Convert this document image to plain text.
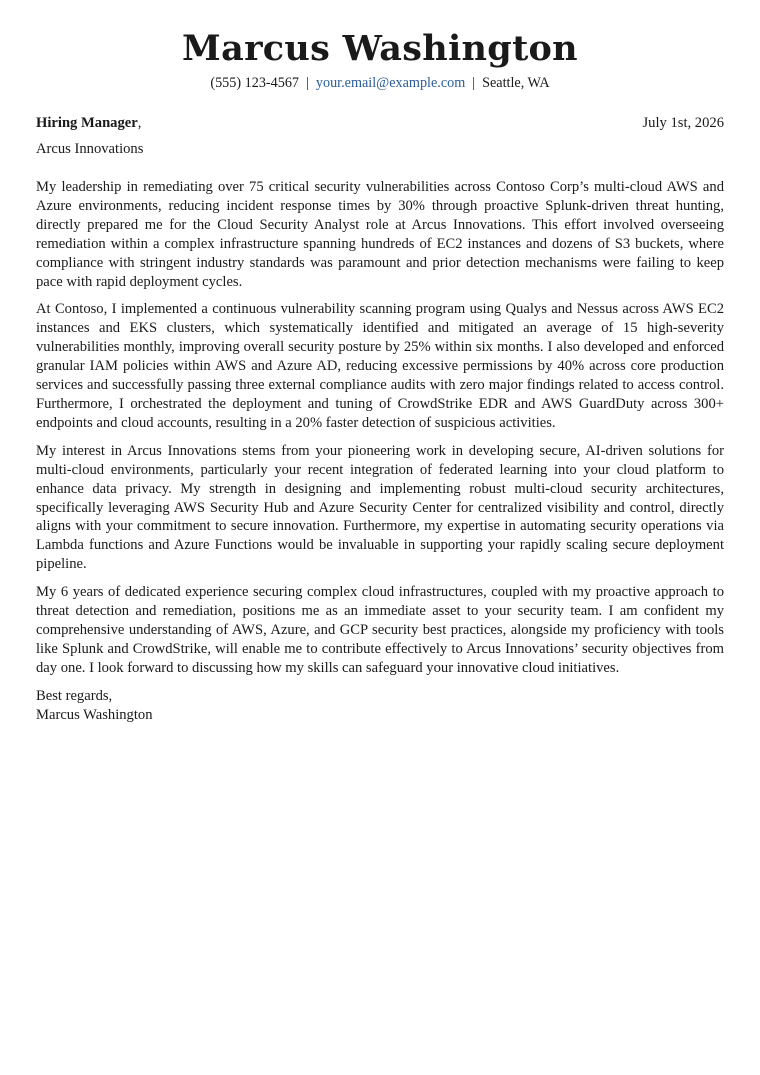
Marcus Washington
(555) 123-4567 | your.email@example.com | Seattle, WA
Hiring Manager,	July 1st, 2026
Arcus Innovations

My leadership in remediating over 75 critical security vulnerabilities across Contoso Corp’s multi-cloud AWS and Azure environments, reducing incident response times by 30% through proactive Splunk-driven threat hunting, directly prepared me for the Cloud Security Analyst role at Arcus Innovations. This effort involved overseeing remediation within a complex infrastructure spanning hundreds of EC2 instances and dozens of S3 buckets, where compliance with stringent industry standards was paramount and prior detection mechanisms were failing to keep pace with rapid deployment cycles.

At Contoso, I implemented a continuous vulnerability scanning program using Qualys and Nessus across AWS EC2 instances and EKS clusters, which systematically identified and mitigated an average of 15 high-severity vulnerabilities monthly, improving overall security posture by 25% within six months. I also developed and enforced granular IAM policies within AWS and Azure AD, reducing excessive permissions by 40% across core production services and successfully passing three external compliance audits with zero major findings related to access control. Furthermore, I orchestrated the deployment and tuning of CrowdStrike EDR and AWS GuardDuty across 300+ endpoints and cloud accounts, resulting in a 20% faster detection of suspicious activities.

My interest in Arcus Innovations stems from your pioneering work in developing secure, AI-driven solutions for multi-cloud environments, particularly your recent integration of federated learning into your cloud platform to enhance data privacy. My strength in designing and implementing robust multi-cloud security architectures, specifically leveraging AWS Security Hub and Azure Security Center for centralized visibility and control, directly aligns with your commitment to secure innovation. Furthermore, my expertise in automating security operations via Lambda functions and Azure Functions would be invaluable in supporting your rapidly scaling secure deployment pipeline.

My 6 years of dedicated experience securing complex cloud infrastructures, coupled with my proactive approach to threat detection and remediation, positions me as an immediate asset to your security team. I am confident my comprehensive understanding of AWS, Azure, and GCP security best practices, alongside my proficiency with tools like Splunk and CrowdStrike, will enable me to contribute effectively to Arcus Innovations’ security objectives from day one. I look forward to discussing how my skills can safeguard your innovative cloud initiatives.

Best regards,
Marcus Washington
